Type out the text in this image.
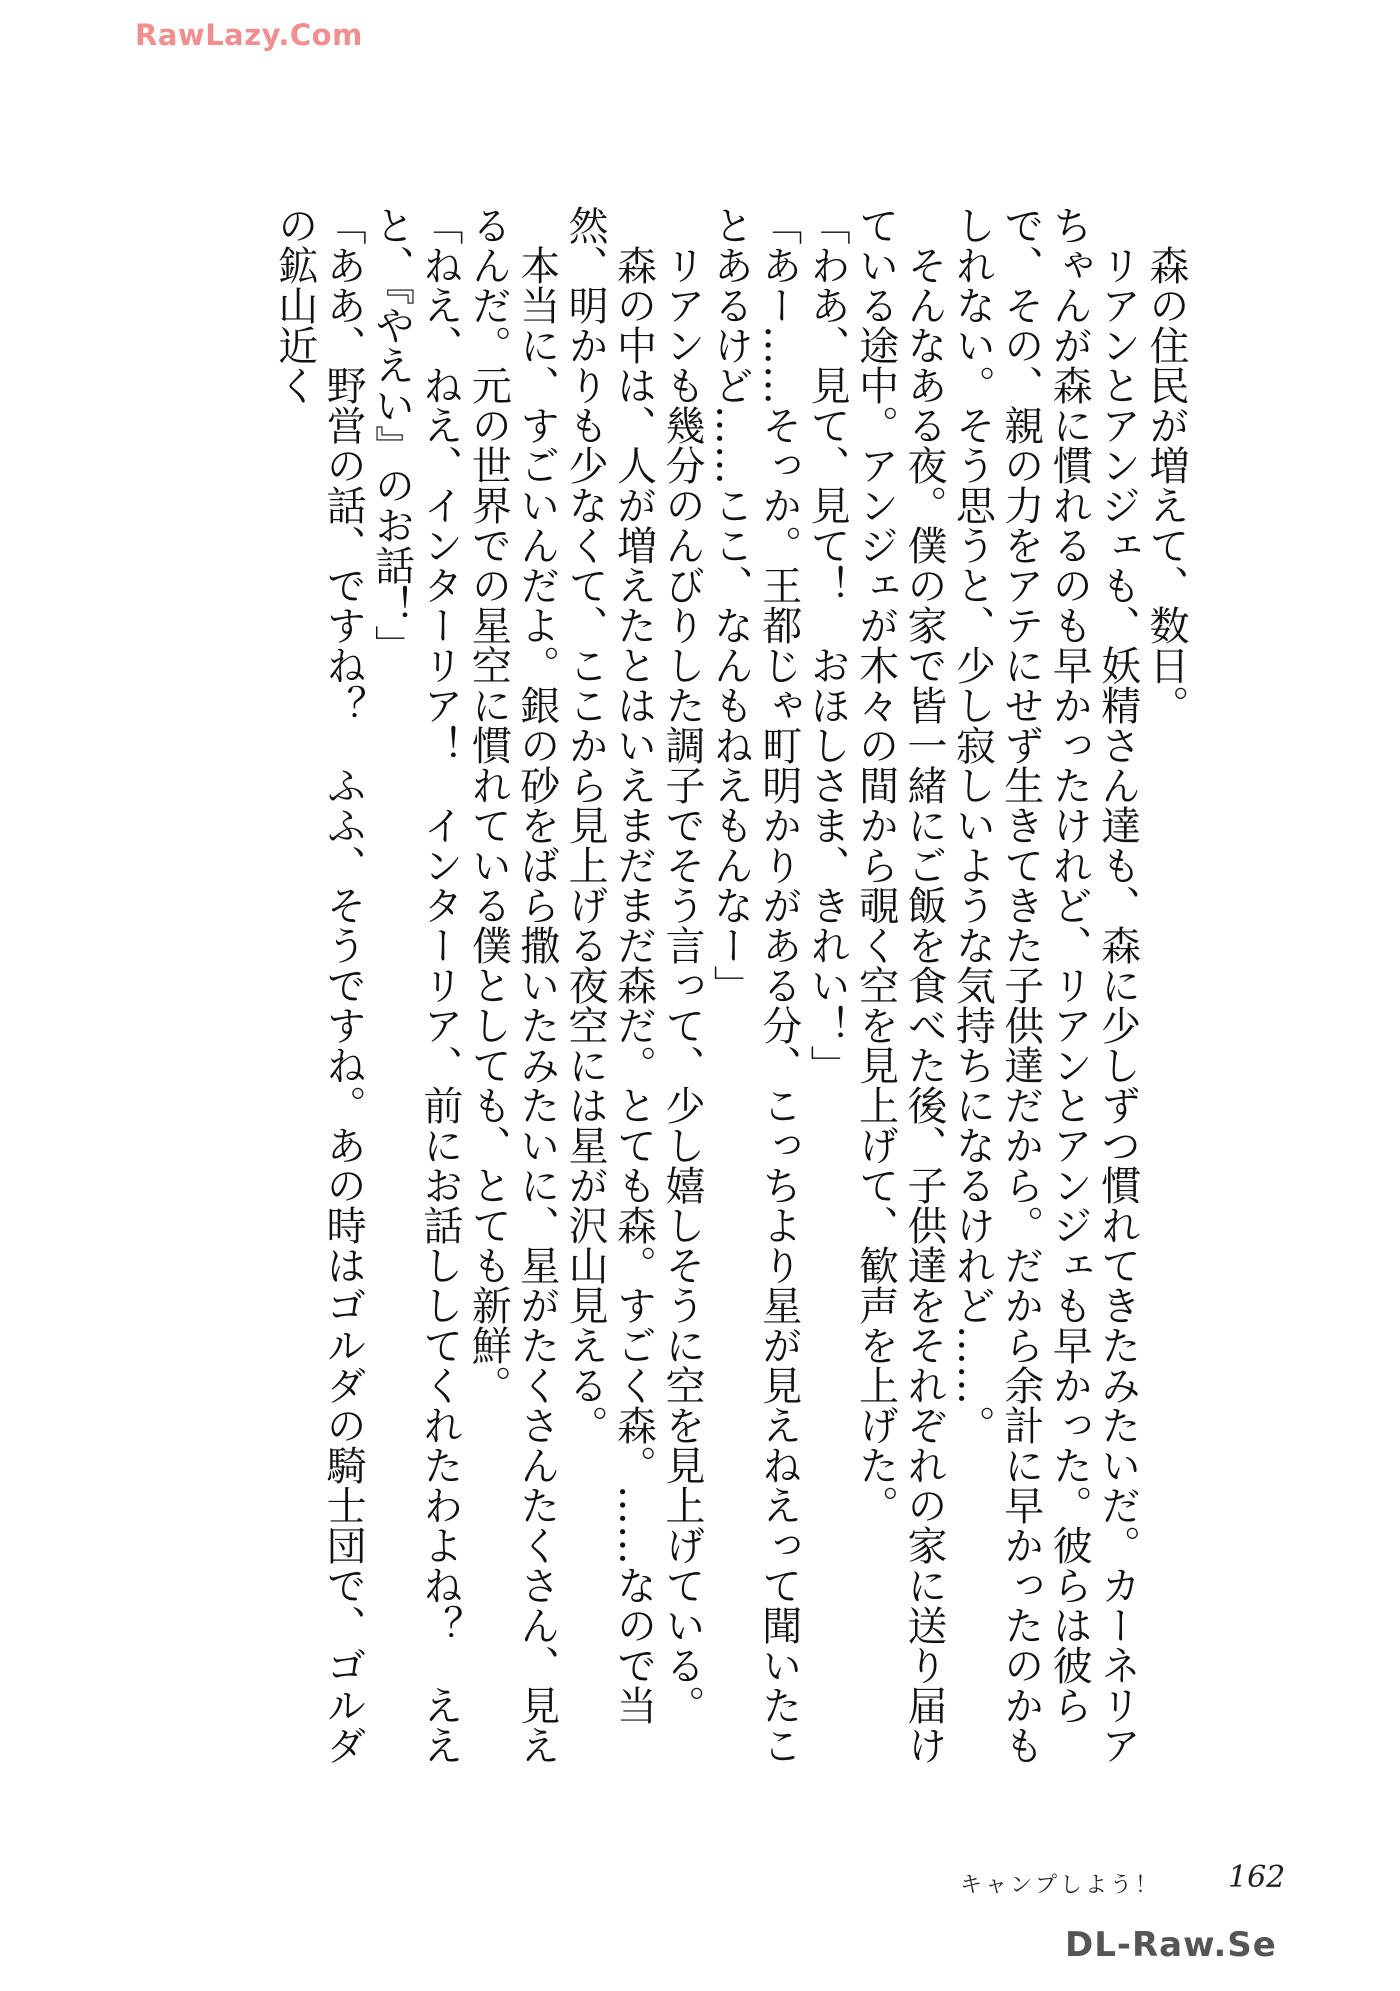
RawLazy.Com

森の住民が増えて、数日。

リアンとアンジェも、妖精さん達も、森に少しずつ慣れてきたみたいだ。カーネリアちゃんが森に慣れるのも早かったけれど、リアンとアンジェも早かった。彼らは彼らで、その、親の力をアテにせず生きてきた子供達だから。だから余計に早かったのかもしれない。そう思うと、少し寂しいような気持ちになるけれど……。

そんなある夜。僕の家で皆一緒にご飯を食べた後、子供達をそれぞれの家に送り届けている途中。アンジェが木々の間から覗く空を見上げて、歓声を上げた。

「わあ、見て、見て！　おほしさま、きれい！」

「あー……そっか。王都じゃ町明かりがある分、こっちより星が見えねえって聞いたことあるけど……ここ、なんもねえもんなー」

リアンも幾分のんびりした調子でそう言って、少し嬉しそうに空を見上げている。

森の中は、人が増えたとはいえまだまだ森だ。とても森。すごく森。……なので当然、明かりも少なくて、ここから見上げる夜空には星が沢山見える。

本当に、すごいんだよ。銀の砂をばら撒いたみたいに、星がたくさんたくさん、見えるんだ。元の世界での星空に慣れている僕としても、とても新鮮。

「ねえ、ねえ、インターリア！　インターリア、前にお話ししてくれたわよね？　ええと、『やえい』のお話！」

「ああ、野営の話、ですね？　ふふ、そうですね。あの時はゴルダの騎士団で、ゴルダの鉱山近く

キャンプしよう！ 162
DL-Raw.Se
